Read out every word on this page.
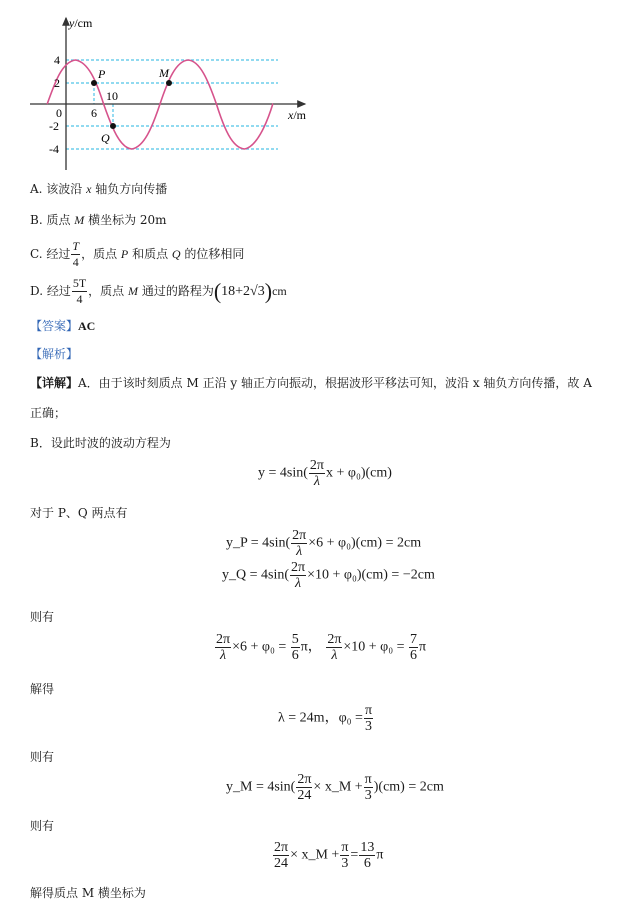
y/cm
x/m
4
2
0
-2
-4
6
10
P
Q
M
A. 该波沿 x 轴负方向传播
B. 质点 M 横坐标为 20m
C. 经过 $\frac{T}{4}$ ，质点 P 和质点 Q 的位移相同
D. 经过 $\frac{5T}{4}$ ，质点 M 通过的路程为(18+2√3)cm
【答案】AC
【解析】
【详解】A．由于该时刻质点 M 正沿 y 轴正方向振动，根据波形平移法可知，波沿 x 轴负方向传播，故 A
正确；
B．设此时波的波动方程为
$y = 4\sin( \frac{2\pi}{\lambda}$ x + φ₀)(cm)
对于 P、Q 两点有
y_P = $4\sin( \frac{2\pi}{\lambda} \times 6 + \varphi_0)(cm) = 2cm$
y_Q = $4\sin( \frac{2\pi}{\lambda} \times 10 + \varphi_0)(cm) = -2cm$
则有
$\frac{2\pi}{\lambda} \times 6 + \varphi_0 = \frac{5}{6}$ π， $\frac{2\pi}{\lambda} \times 10 + \varphi_0 = \frac{7}{6}$ π
解得
λ = 24m，$\varphi_0 = \frac{\pi}{3}$
则有
y_M = $4\sin( \frac{2\pi}{24}$ × x_M + $\frac{\pi}{3} )(cm) = 2cm$
则有
$\frac{2\pi}{24}$ × x_M + $\frac{\pi}{3} = \frac{13}{6}$ π
解得质点 M 横坐标为
